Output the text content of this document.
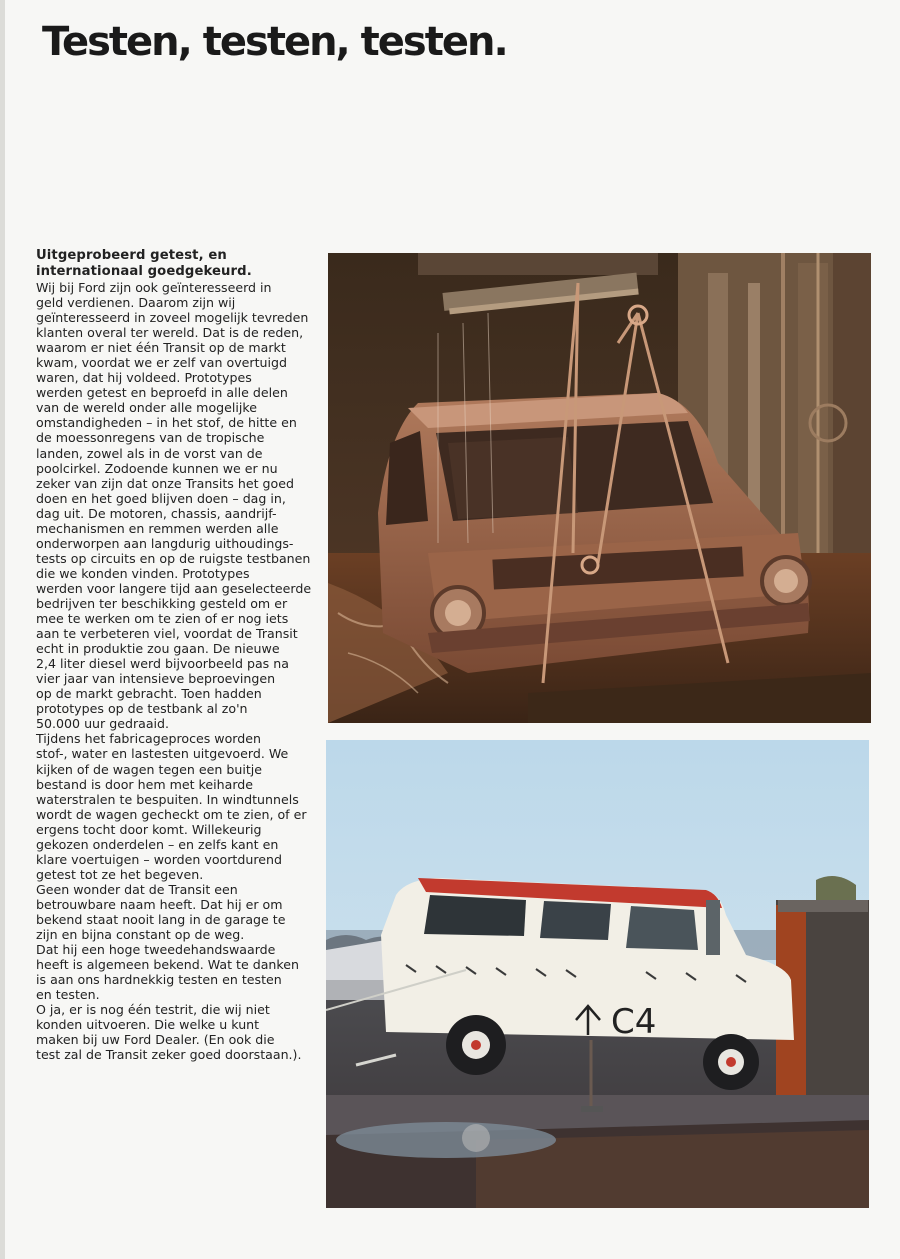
Testen, testen, testen.

Uitgeprobeerd getest, en
internationaal goedgekeurd.

Wij bij Ford zijn ook geïnteresseerd in
geld verdienen. Daarom zijn wij
geïnteresseerd in zoveel mogelijk tevreden
klanten overal ter wereld. Dat is de reden,
waarom er niet één Transit op de markt
kwam, voordat we er zelf van overtuigd
waren, dat hij voldeed. Prototypes
werden getest en beproefd in alle delen
van de wereld onder alle mogelijke
omstandigheden – in het stof, de hitte en
de moessonregens van de tropische
landen, zowel als in de vorst van de
poolcirkel. Zodoende kunnen we er nu
zeker van zijn dat onze Transits het goed
doen en het goed blijven doen – dag in,
dag uit. De motoren, chassis, aandrijf-
mechanismen en remmen werden alle
onderworpen aan langdurig uithoudings-
tests op circuits en op de ruigste testbanen
die we konden vinden. Prototypes
werden voor langere tijd aan geselecteerde
bedrijven ter beschikking gesteld om er
mee te werken om te zien of er nog iets
aan te verbeteren viel, voordat de Transit
echt in produktie zou gaan. De nieuwe
2,4 liter diesel werd bijvoorbeeld pas na
vier jaar van intensieve beproevingen
op de markt gebracht. Toen hadden
prototypes op de testbank al zo'n
50.000 uur gedraaid.

Tijdens het fabricageproces worden
stof-, water en lastesten uitgevoerd. We
kijken of de wagen tegen een buitje
bestand is door hem met keiharde
waterstralen te bespuiten. In windtunnels
wordt de wagen gecheckt om te zien, of er
ergens tocht door komt. Willekeurig
gekozen onderdelen – en zelfs kant en
klare voertuigen – worden voortdurend
getest tot ze het begeven.

Geen wonder dat de Transit een
betrouwbare naam heeft. Dat hij er om
bekend staat nooit lang in de garage te
zijn en bijna constant op de weg.

Dat hij een hoge tweedehandswaarde
heeft is algemeen bekend. Wat te danken
is aan ons hardnekkig testen en testen
en testen.

O ja, er is nog één testrit, die wij niet
konden uitvoeren. Die welke u kunt
maken bij uw Ford Dealer. (En ook die
test zal de Transit zeker goed doorstaan.).

C4
